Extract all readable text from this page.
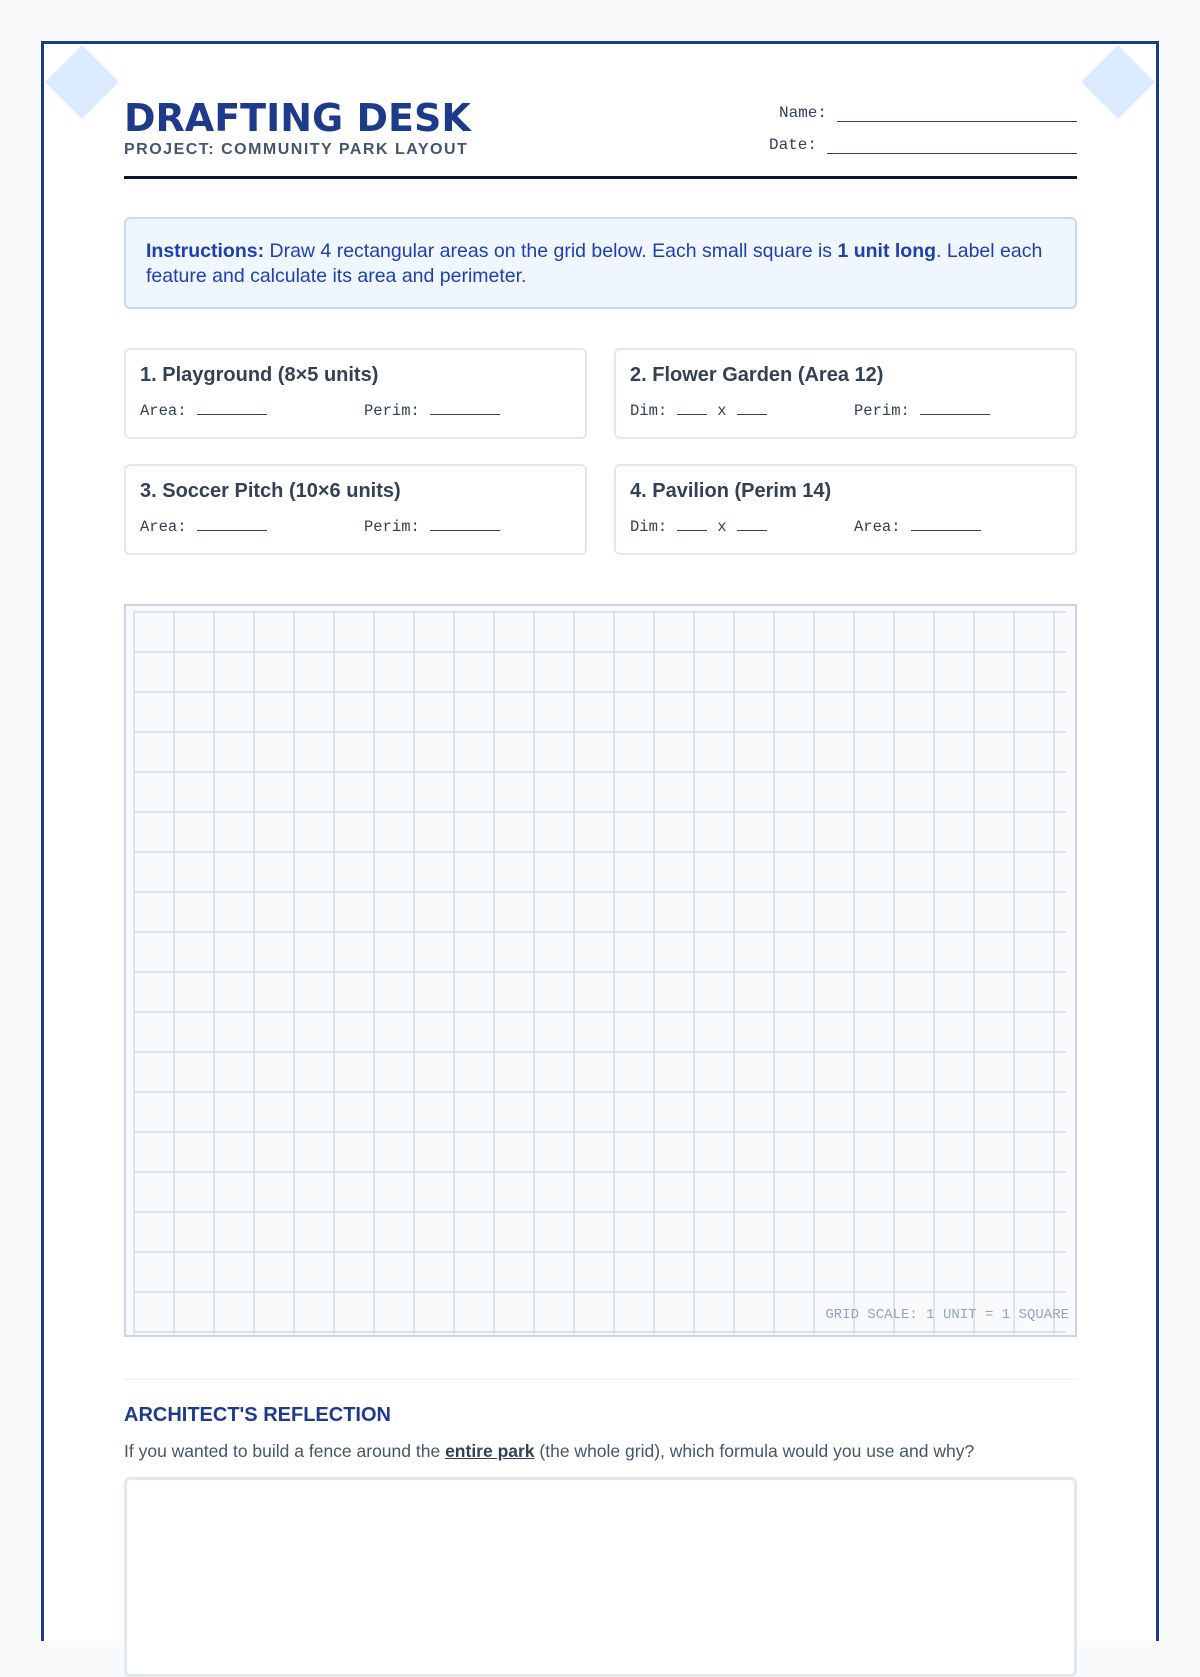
DRAFTING DESK
PROJECT: COMMUNITY PARK LAYOUT
Name:
Date:
Instructions: Draw 4 rectangular areas on the grid below. Each small square is 1 unit long. Label each feature and calculate its area and perimeter.
1. Playground (8×5 units)
Area:	Perim:
2. Flower Garden (Area 12)
Dim:	x	Perim:
3. Soccer Pitch (10×6 units)
Area:	Perim:
4. Pavilion (Perim 14)
Dim:	x	Area:
GRID SCALE: 1 UNIT = 1 SQUARE
ARCHITECT'S REFLECTION
If you wanted to build a fence around the entire park (the whole grid), which formula would you use and why?
